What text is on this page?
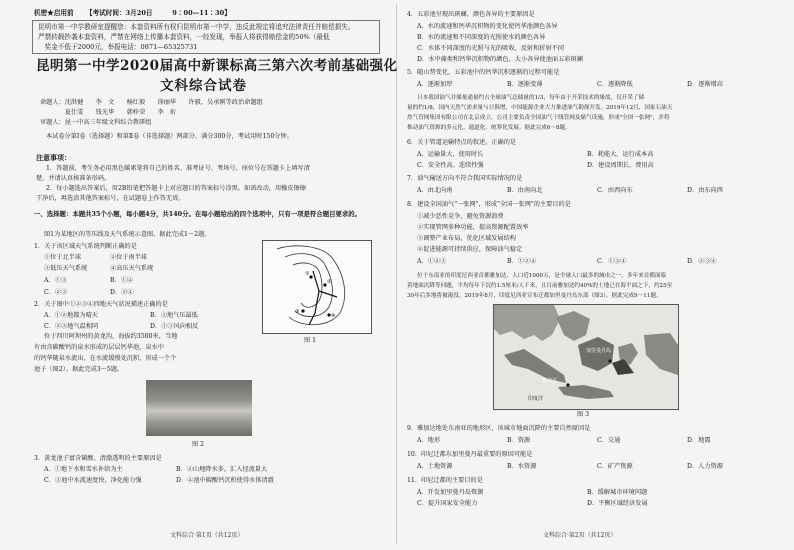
机密★启用前 【考试时间：3月20日　　　9∶00—11∶30】
昆明市第一中学教研室提醒您：本套资料所有权归昆明市第一中学，违反此规定将追究法律责任并赔偿损失。
严禁转载抄袭本套资料，严禁在网络上传播本套资料，一经发现，举报人将获得赔偿金的50%（最低
　奖金不低于2000元，举报电话：0871—65325731
昆明第一中学2020届高中新课标高三第六次考前基础强化
文科综合试卷
命题人：沈洪健　　李　文　　杨红毅　　徐丽华　　许毅、吴承刚等政治命题组
　　　　夏仕雯　　钱光华　　韩梓荣　　李　珩
审题人：昆一中高三年级文科综合教研组
本试卷分第Ⅰ卷（选择题）和第Ⅱ卷（非选择题）两部分，满分300分，考试用时150分钟。
注意事项：
1．答题前，考生务必用黑色碳素笔将自己的姓名、准考证号、考场号、座位号在答题卡上填写清
楚，并请认真核准条形码。
2．每小题选出答案后，用2B铅笔把答题卡上对应题目的答案标号涂黑。如需改动，用橡皮擦擦
干净后，再选涂其他答案标号，在试题卷上作答无效。
一、选择题：本题共35个小题，每小题4分，共140分。在每小题给出的四个选项中，只有一项是符合题目要求的。
图1为某地区的等压线及天气系统示意图。据此完成1～2题。
1．关于该区域天气系统判断正确的是
①位于北半球	②位于南半球
③低压天气系统	④高压天气系统
A．①③	B．①④
C．②③	D．②④
2．关于图中①②③④四地天气状况描述正确的是
A．①②地都为晴天	B．③地气压最低
C．②③地气温相同	D．①③风向相反
①
②
③
④
图 1
位于四川阿坝州的黄龙沟，海拔约3500米，当地
有由含碳酸钙的泉水形成的层层钙华池，泉水中
的钙华随泉水流出，在水流缓慢处沉积，形成一个个
池子（图2）。据此完成3～5题。
图 2
3．黄龙池子富含碳酸、清澈透明的主要原因是
A．①地下水和雪水补给为主	B．②山地降水多，汇入径流量大
C．③池中水流速度快，净化能力强	D．④池中碳酸钙沉积使得水体清澈
文科综合·第1页（共12页）
4．五彩池呈现出斑斓、颜色各异的主要原因是
A．水的流速和钙华沉积物的变化使钙华池颜色各异
B．水的流速和不同深度的光照使水的颜色各异
C．水体不同深度的光照与光的吸收、反射和折射不同
D．水中藻类和钙华沉积物的颜色、大小各异使池面五彩斑斓
5．随山势变化，五彩池中的钙华沉积逐渐的过程可能是
A．逐渐加厚	B．逐渐变薄	C．逐渐降低	D．逐渐增高
日本我国油气并储量通量约占全球油气总储量的1/3，每年由于开采技术的缘故，仅开采了储
量的约1/8，国内天然气需求量与日俱增，中国能源企业大力推进油气勘探开发。2019年12月，国家石油天
然气管网集团有限公司在北京成立，公司主要负责全国油气干线管网及储气设施，形成"全国一张网"，并将
推动油气资源的多元化、通道化、统筹化发展。据此完成6～8题。
6．关于管道运输特点的叙述，正确的是
A．运输量大、使用时长	B．耗能大、运行成本高
C．安全性高、连续性强	D．建设周期长，费用高
7．油气输送方向不符合我国实际情况的是
A．由北向南	B．由南向北	C．由西向东	D．由东向西
8．建设全国油气"一张网"，形成"全国一张网"的主要目的是
①减少恶性竞争，避免资源浪费
②实现管网多种功能，提高资源配置效率
③调整产业布局，优化区域发展结构
④促进能源可持续供应，保障油气稳定
A．①②③	B．①②④	C．①③④	D．②③④
位于东南亚的印度尼西亚首都雅加达，人口近1000万，是全球人口最多的城市之一，多年来首都面临
着地面沉降等问题，平均每年下沉约1.5厘米/人千米，且目前雅加达约40%的土地已在海平面之下，约25至
30年后多地将被淹没。2019年8月，印度尼西亚宣布迁都加里曼丹岛东部（图3）。据此完成9～11题。
印度洋
加里曼丹岛
雅加达
图 3
9．雅加达地处东南亚的地形区，该城市地面沉降的主要自然原因是
A．地形	B．资源	C．交通	D．地震
10．印尼迁都东加里曼丹最重要的原因可能是
A．土地资源	B．水资源	C．矿产资源	D．人力资源
11．印尼迁都的主要目的是
A．开发加里曼丹岛资源	B．缓解城市环境问题
C．提升国家安全能力	D．平衡区域经济发展
文科综合·第2页（共12页）
